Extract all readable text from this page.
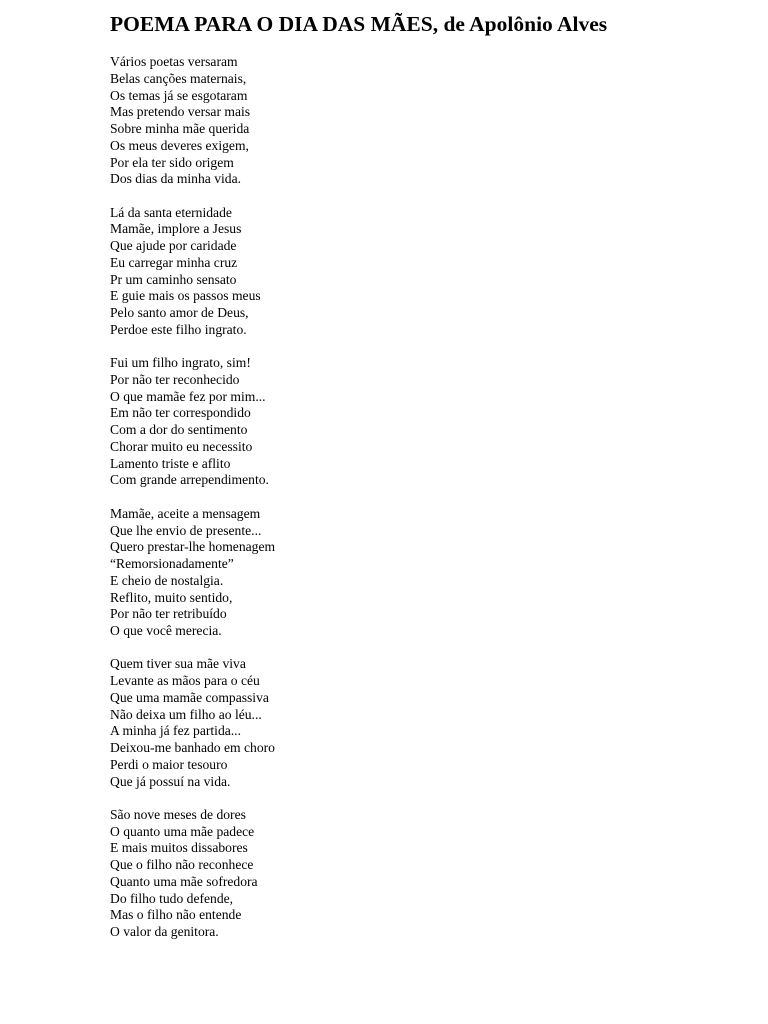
POEMA PARA O DIA DAS MÃES, de Apolônio Alves
Vários poetas versaram
Belas canções maternais,
Os temas já se esgotaram
Mas pretendo versar mais
Sobre minha mãe querida
Os meus deveres exigem,
Por ela ter sido origem
Dos dias da minha vida.
Lá da santa eternidade
Mamãe, implore a Jesus
Que ajude por caridade
Eu carregar minha cruz
Pr um caminho sensato
E guie mais os passos meus
Pelo santo amor de Deus,
Perdoe este filho ingrato.
Fui um filho ingrato, sim!
Por não ter reconhecido
O que mamãe fez por mim...
Em não ter correspondido
Com a dor do sentimento
Chorar muito eu necessito
Lamento triste e aflito
Com grande arrependimento.
Mamãe, aceite a mensagem
Que lhe envio de presente...
Quero prestar-lhe homenagem
“Remorsionadamente”
E cheio de nostalgia.
Reflito, muito sentido,
Por não ter retribuído
O que você merecia.
Quem tiver sua mãe viva
Levante as mãos para o céu
Que uma mamãe compassiva
Não deixa um filho ao léu...
A minha já fez partida...
Deixou-me banhado em choro
Perdi o maior tesouro
Que já possuí na vida.
São nove meses de dores
O quanto uma mãe padece
E mais muitos dissabores
Que o filho não reconhece
Quanto uma mãe sofredora
Do filho tudo defende,
Mas o filho não entende
O valor da genitora.
